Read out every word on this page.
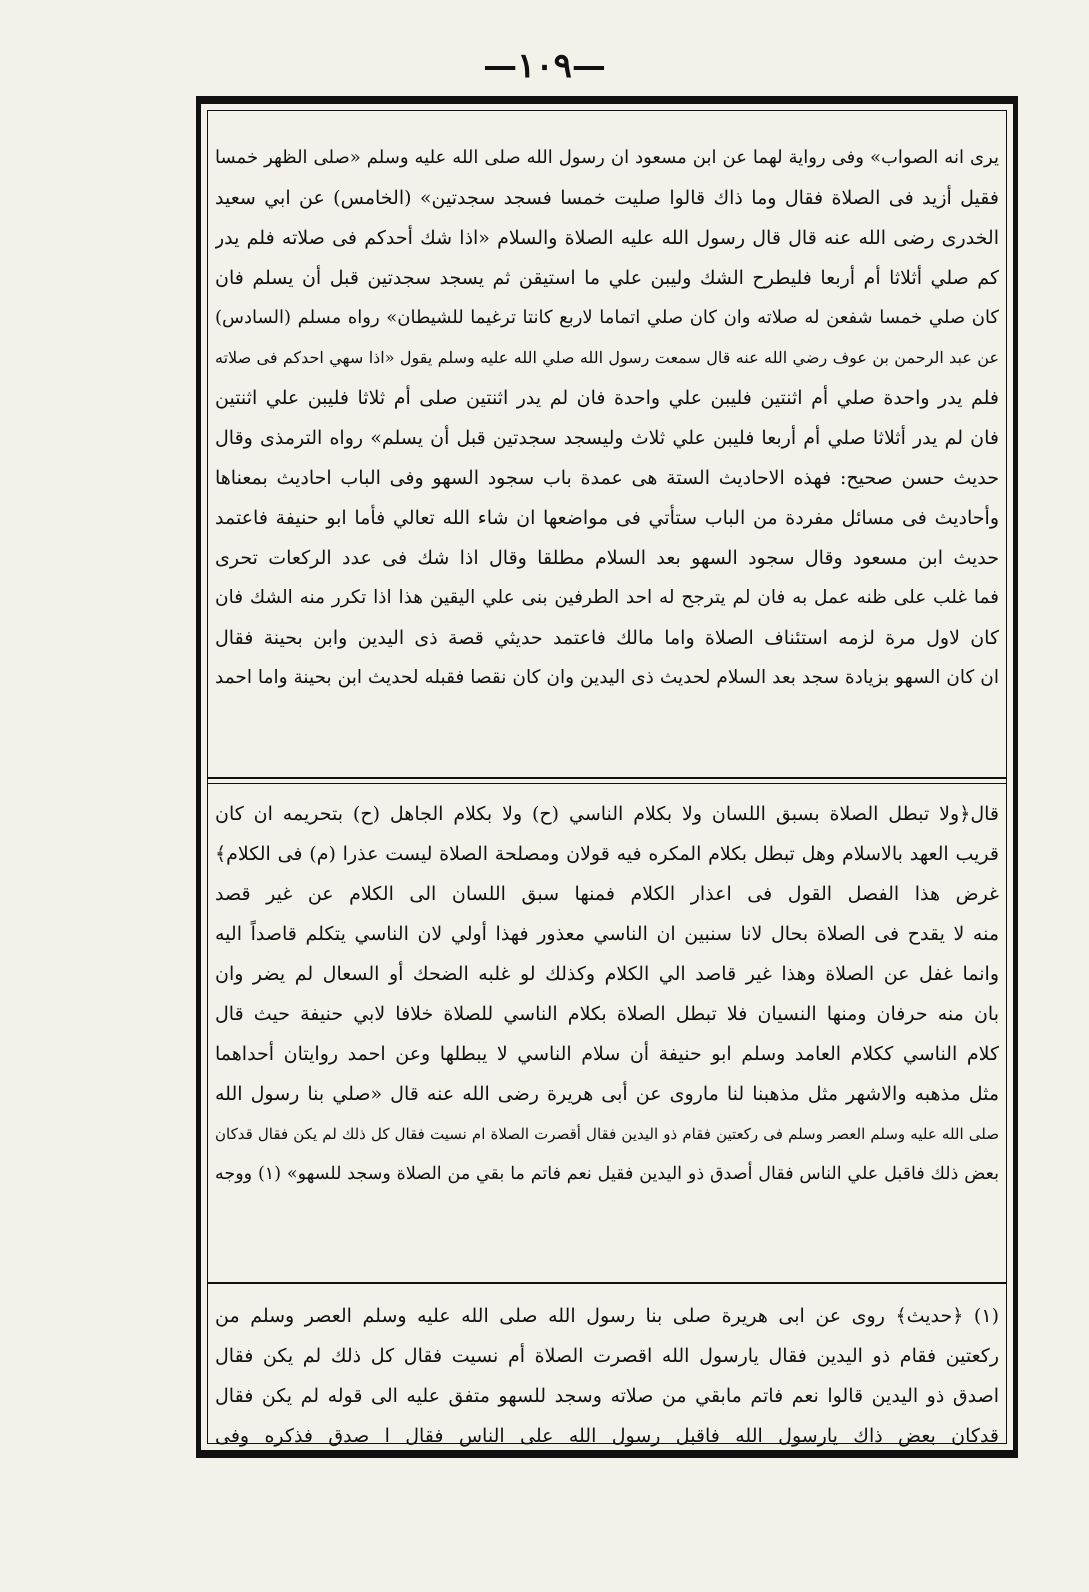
—١٠٩—
يرى انه الصواب» وفى رواية لهما عن ابن مسعود ان رسول الله صلى الله عليه وسلم «صلى الظهر خمسا
فقيل أزيد فى الصلاة فقال وما ذاك قالوا صليت خمسا فسجد سجدتين» (الخامس) عن ابي سعيد
الخدرى رضى الله عنه قال قال رسول الله عليه الصلاة والسلام «اذا شك أحدكم فى صلاته فلم يدر
كم صلي أثلاثا أم أربعا فليطرح الشك وليبن علي ما استيقن ثم يسجد سجدتين قبل أن يسلم فان
كان صلي خمسا شفعن له صلاته وان كان صلي اتماما لاربع كانتا ترغيما للشيطان» رواه مسلم (السادس)
عن عبد الرحمن بن عوف رضي الله عنه قال سمعت رسول الله صلي الله عليه وسلم يقول «اذا سهي احدكم فى صلاته
فلم يدر واحدة صلي أم اثنتين فليبن علي واحدة فان لم يدر اثنتين صلى أم ثلاثا فليبن علي اثنتين
فان لم يدر أثلاثا صلي أم أربعا فليبن علي ثلاث وليسجد سجدتين قبل أن يسلم» رواه الترمذى وقال
حديث حسن صحيح: فهذه الاحاديث الستة هى عمدة باب سجود السهو وفى الباب احاديث بمعناها
وأحاديث فى مسائل مفردة من الباب ستأتي فى مواضعها ان شاء الله تعالي فأما ابو حنيفة فاعتمد
حديث ابن مسعود وقال سجود السهو بعد السلام مطلقا وقال اذا شك فى عدد الركعات تحرى
فما غلب على ظنه عمل به فان لم يترجح له احد الطرفين بنى علي اليقين هذا اذا تكرر منه الشك فان
كان لاول مرة لزمه استئناف الصلاة واما مالك فاعتمد حديثي قصة ذى اليدين وابن بحينة فقال
ان كان السهو بزيادة سجد بعد السلام لحديث ذى اليدين وان كان نقصا فقبله لحديث ابن بحينة واما احمد
قال﴿ولا تبطل الصلاة بسبق اللسان ولا بكلام الناسي (ح) ولا بكلام الجاهل (ح) بتحريمه ان كان
قريب العهد بالاسلام وهل تبطل بكلام المكره فيه قولان ومصلحة الصلاة ليست عذرا (م) فى الكلام﴾
غرض هذا الفصل القول فى اعذار الكلام فمنها سبق اللسان الى الكلام عن غير قصد
منه لا يقدح فى الصلاة بحال لانا سنبين ان الناسي معذور فهذا أولي لان الناسي يتكلم قاصداً اليه
وانما غفل عن الصلاة وهذا غير قاصد الي الكلام وكذلك لو غلبه الضحك أو السعال لم يضر وان
بان منه حرفان ومنها النسيان فلا تبطل الصلاة بكلام الناسي للصلاة خلافا لابي حنيفة حيث قال
كلام الناسي ككلام العامد وسلم ابو حنيفة أن سلام الناسي لا يبطلها وعن احمد روايتان أحداهما
مثل مذهبه والاشهر مثل مذهبنا لنا ماروى عن أبى هريرة رضى الله عنه قال «صلي بنا رسول الله
صلى الله عليه وسلم العصر وسلم فى ركعتين فقام ذو اليدين فقال أقصرت الصلاة ام نسيت فقال كل ذلك لم يكن فقال قدكان
بعض ذلك فاقبل علي الناس فقال أصدق ذو اليدين فقيل نعم فاتم ما بقي من الصلاة وسجد للسهو» (١) ووجه
(١) ﴿حديث﴾ روى عن ابى هريرة صلى بنا رسول الله صلى الله عليه وسلم العصر وسلم من
ركعتين فقام ذو اليدين فقال يارسول الله اقصرت الصلاة أم نسيت فقال كل ذلك لم يكن فقال
اصدق ذو اليدين قالوا نعم فاتم مابقي من صلاته وسجد للسهو متفق عليه الى قوله لم يكن فقال
قدكان بعض ذاك يارسول الله فاقبل رسول الله على الناس فقال ا صدق فذكره وفى
